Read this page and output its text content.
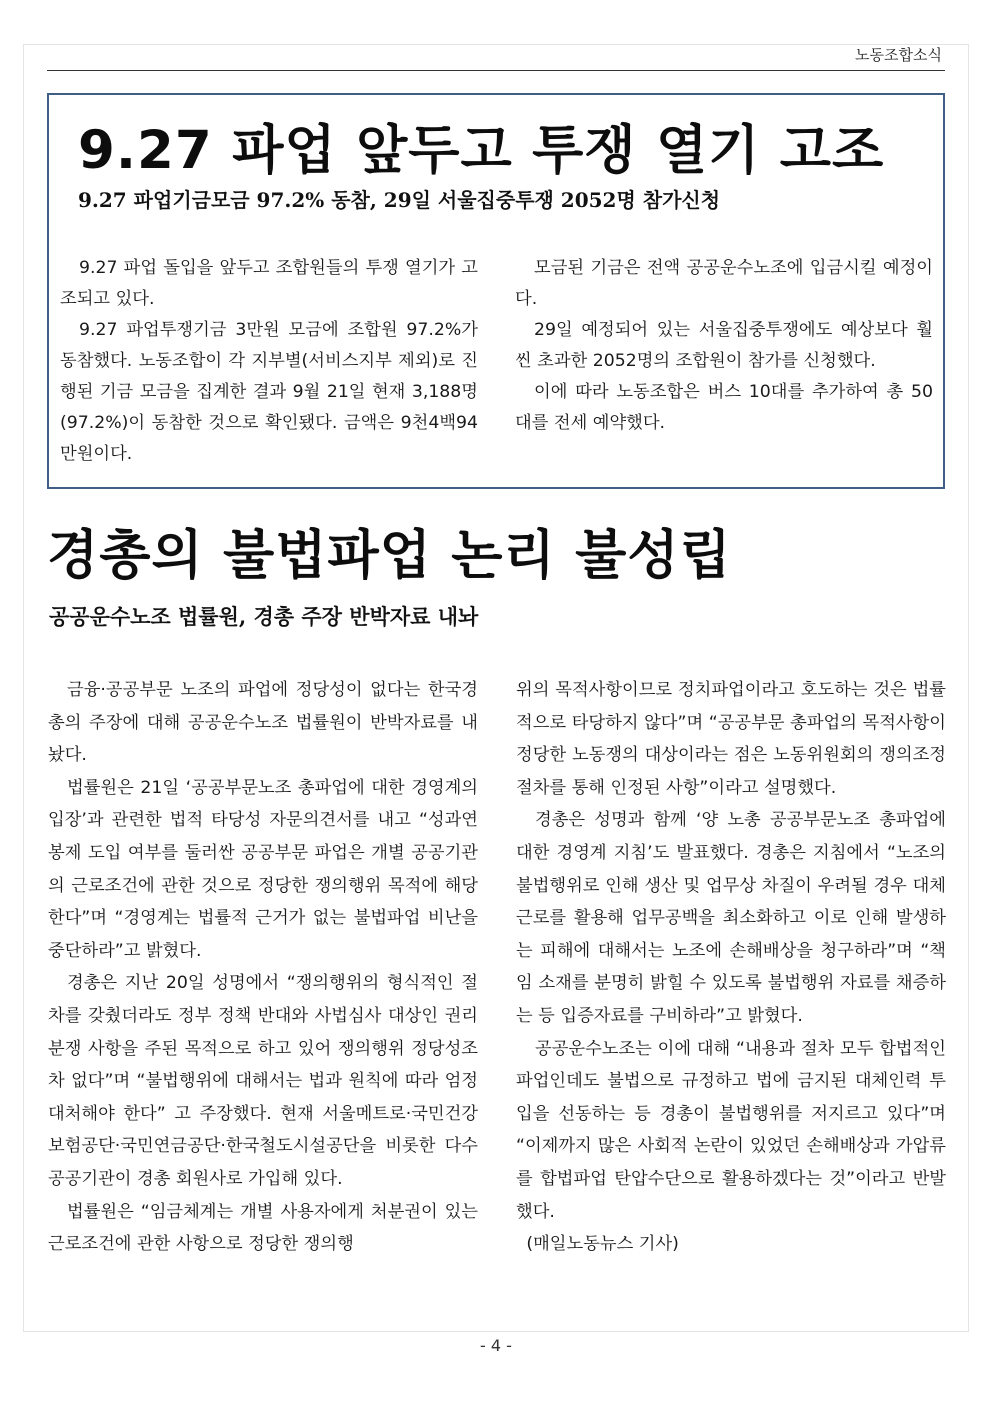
노동조합소식
9.27 파업 앞두고 투쟁 열기 고조
9.27 파업기금모금 97.2% 동참, 29일 서울집중투쟁 2052명 참가신청

9.27 파업 돌입을 앞두고 조합원들의 투쟁 열기가 고조되고 있다.

9.27 파업투쟁기금 3만원 모금에 조합원 97.2%가 동참했다. 노동조합이 각 지부별(서비스지부 제외)로 진행된 기금 모금을 집계한 결과 9월 21일 현재 3,188명(97.2%)이 동참한 것으로 확인됐다. 금액은 9천4백94만원이다.

모금된 기금은 전액 공공운수노조에 입금시킬 예정이다.

29일 예정되어 있는 서울집중투쟁에도 예상보다 훨씬 초과한 2052명의 조합원이 참가를 신청했다.

이에 따라 노동조합은 버스 10대를 추가하여 총 50대를 전세 예약했다.

경총의 불법파업 논리 불성립
공공운수노조 법률원, 경총 주장 반박자료 내놔

금융·공공부문 노조의 파업에 정당성이 없다는 한국경총의 주장에 대해 공공운수노조 법률원이 반박자료를 내놨다.

법률원은 21일 ‘공공부문노조 총파업에 대한 경영계의 입장’과 관련한 법적 타당성 자문의견서를 내고 “성과연봉제 도입 여부를 둘러싼 공공부문 파업은 개별 공공기관의 근로조건에 관한 것으로 정당한 쟁의행위 목적에 해당한다”며 “경영계는 법률적 근거가 없는 불법파업 비난을 중단하라”고 밝혔다.

경총은 지난 20일 성명에서 “쟁의행위의 형식적인 절차를 갖췄더라도 정부 정책 반대와 사법심사 대상인 권리분쟁 사항을 주된 목적으로 하고 있어 쟁의행위 정당성조차 없다”며 “불법행위에 대해서는 법과 원칙에 따라 엄정 대처해야 한다” 고 주장했다. 현재 서울메트로·국민건강보험공단·국민연금공단·한국철도시설공단을 비롯한 다수 공공기관이 경총 회원사로 가입해 있다.

법률원은 “임금체계는 개별 사용자에게 처분권이 있는 근로조건에 관한 사항으로 정당한 쟁의행

위의 목적사항이므로 정치파업이라고 호도하는 것은 법률적으로 타당하지 않다”며 “공공부문 총파업의 목적사항이 정당한 노동쟁의 대상이라는 점은 노동위원회의 쟁의조정 절차를 통해 인정된 사항”이라고 설명했다.

경총은 성명과 함께 ‘양 노총 공공부문노조 총파업에 대한 경영계 지침’도 발표했다. 경총은 지침에서 “노조의 불법행위로 인해 생산 및 업무상 차질이 우려될 경우 대체근로를 활용해 업무공백을 최소화하고 이로 인해 발생하는 피해에 대해서는 노조에 손해배상을 청구하라”며 “책임 소재를 분명히 밝힐 수 있도록 불법행위 자료를 채증하는 등 입증자료를 구비하라”고 밝혔다.

공공운수노조는 이에 대해 “내용과 절차 모두 합법적인 파업인데도 불법으로 규정하고 법에 금지된 대체인력 투입을 선동하는 등 경총이 불법행위를 저지르고 있다”며 “이제까지 많은 사회적 논란이 있었던 손해배상과 가압류를 합법파업 탄압수단으로 활용하겠다는 것”이라고 반발했다.

(매일노동뉴스 기사)

- 4 -
